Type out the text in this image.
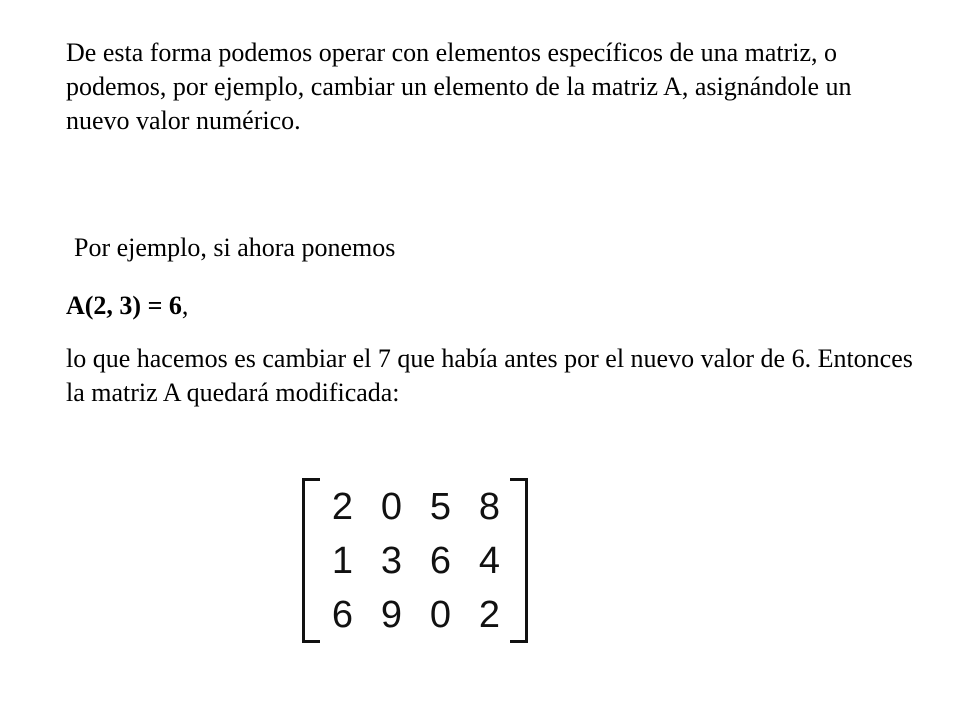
De esta forma podemos operar con elementos específicos de una matriz, o podemos, por ejemplo, cambiar un elemento de la matriz A, asignándole un nuevo valor numérico.

Por ejemplo, si ahora ponemos

A(2, 3) = 6,

lo que hacemos es cambiar el 7 que había antes por el nuevo valor de 6. Entonces la matriz A quedará modificada:

2 0 5 8
1 3 6 4
6 9 0 2
